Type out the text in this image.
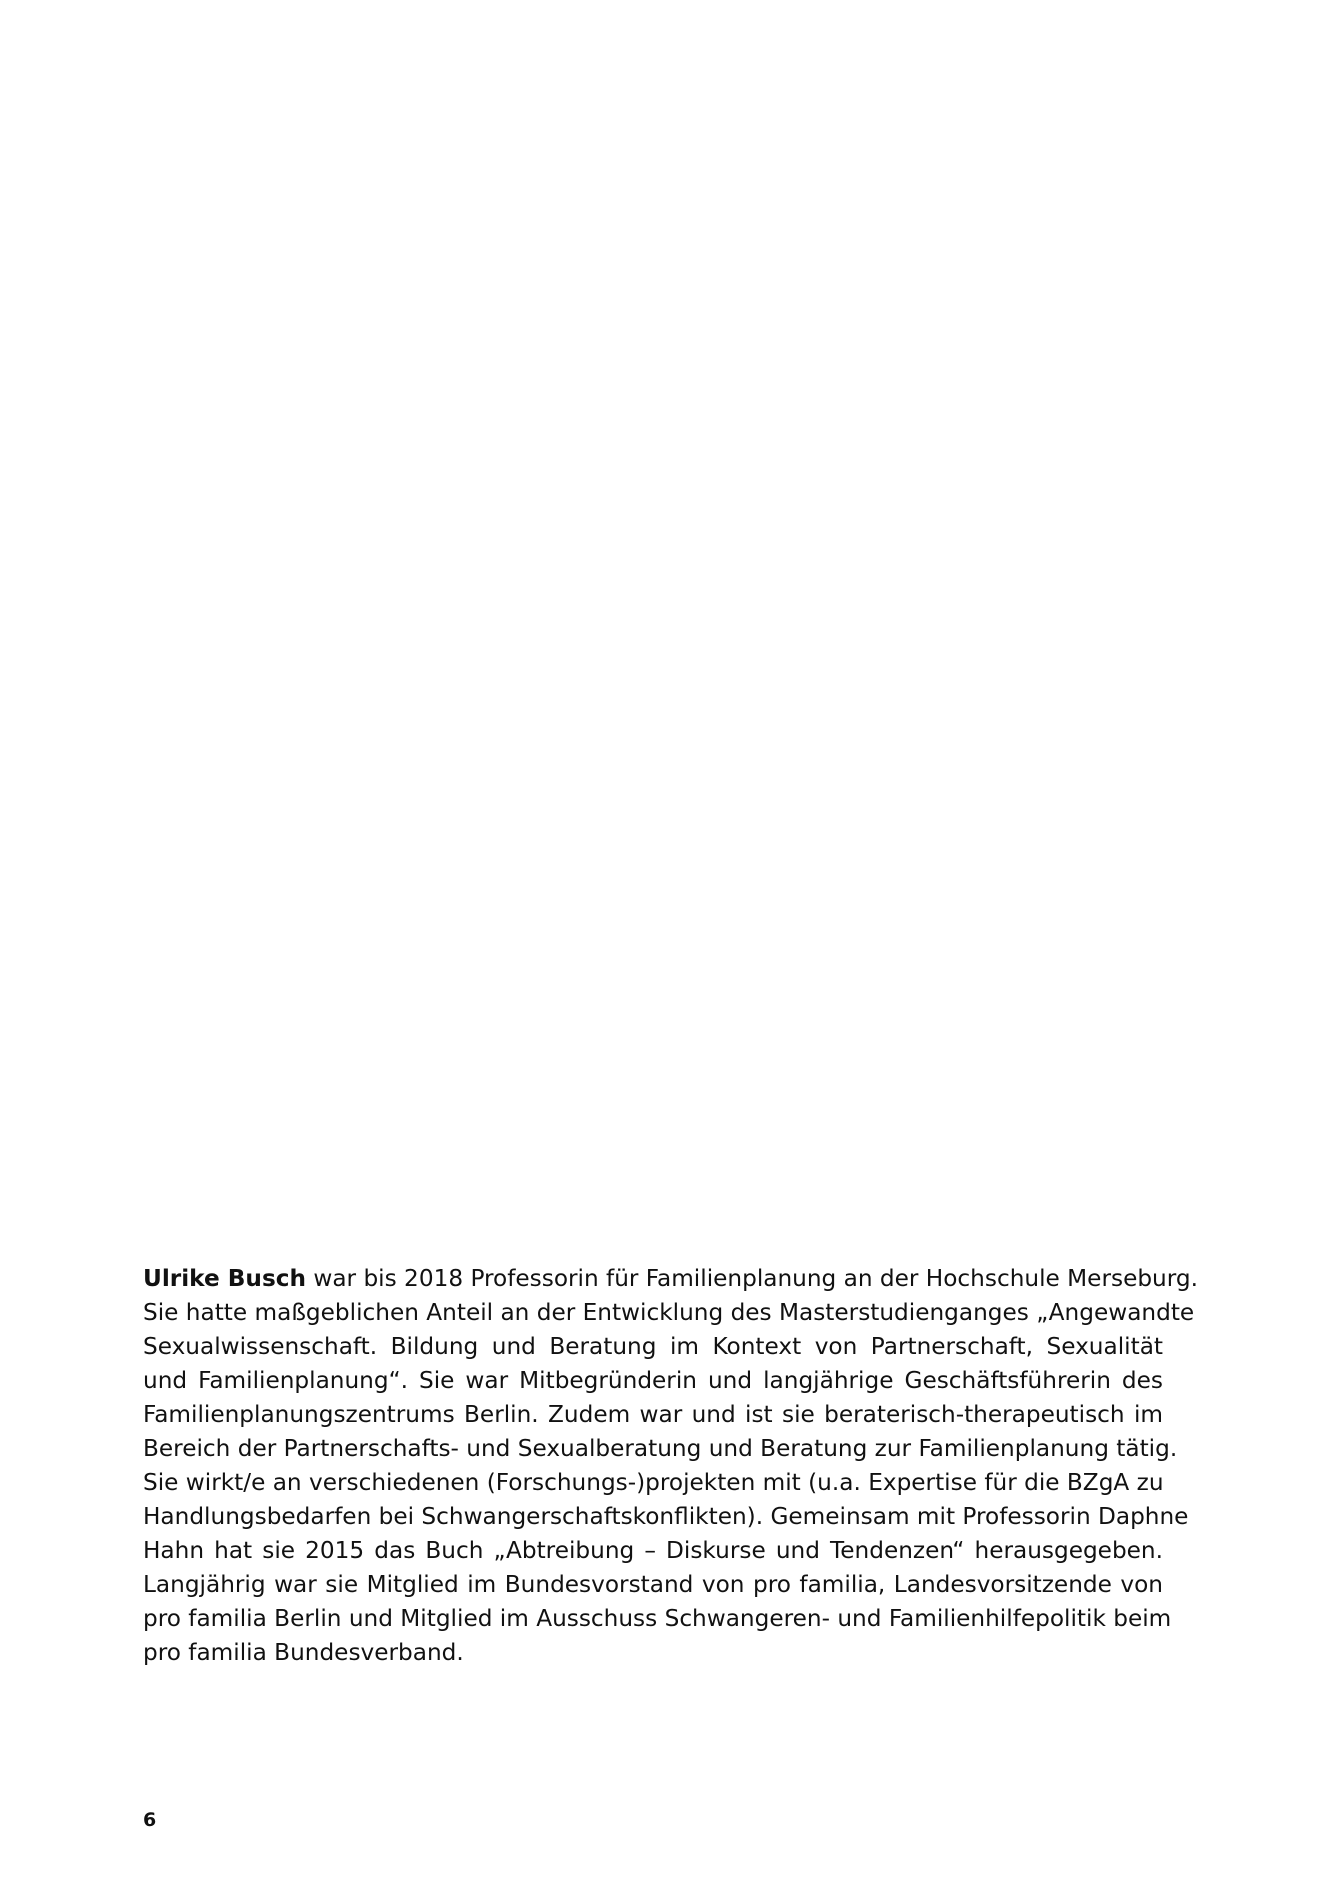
Ulrike Busch war bis 2018 Professorin für Familienplanung an der Hochschule Merseburg.
Sie hatte maßgeblichen Anteil an der Entwicklung des Masterstudienganges „Angewandte
Sexualwissenschaft. Bildung und Beratung im Kontext von Partnerschaft, Sexualität
und Familienplanung“. Sie war Mitbegründerin und langjährige Geschäftsführerin des
Familienplanungszentrums Berlin. Zudem war und ist sie beraterisch-therapeutisch im
Bereich der Partnerschafts- und Sexualberatung und Beratung zur Familienplanung tätig.
Sie wirkt/e an verschiedenen (Forschungs-)projekten mit (u.a. Expertise für die BZgA zu
Handlungsbedarfen bei Schwangerschaftskonflikten). Gemeinsam mit Professorin Daphne
Hahn hat sie 2015 das Buch „Abtreibung – Diskurse und Tendenzen“ herausgegeben.
Langjährig war sie Mitglied im Bundesvorstand von pro familia, Landesvorsitzende von
pro familia Berlin und Mitglied im Ausschuss Schwangeren- und Familienhilfepolitik beim
pro familia Bundesverband.

6
